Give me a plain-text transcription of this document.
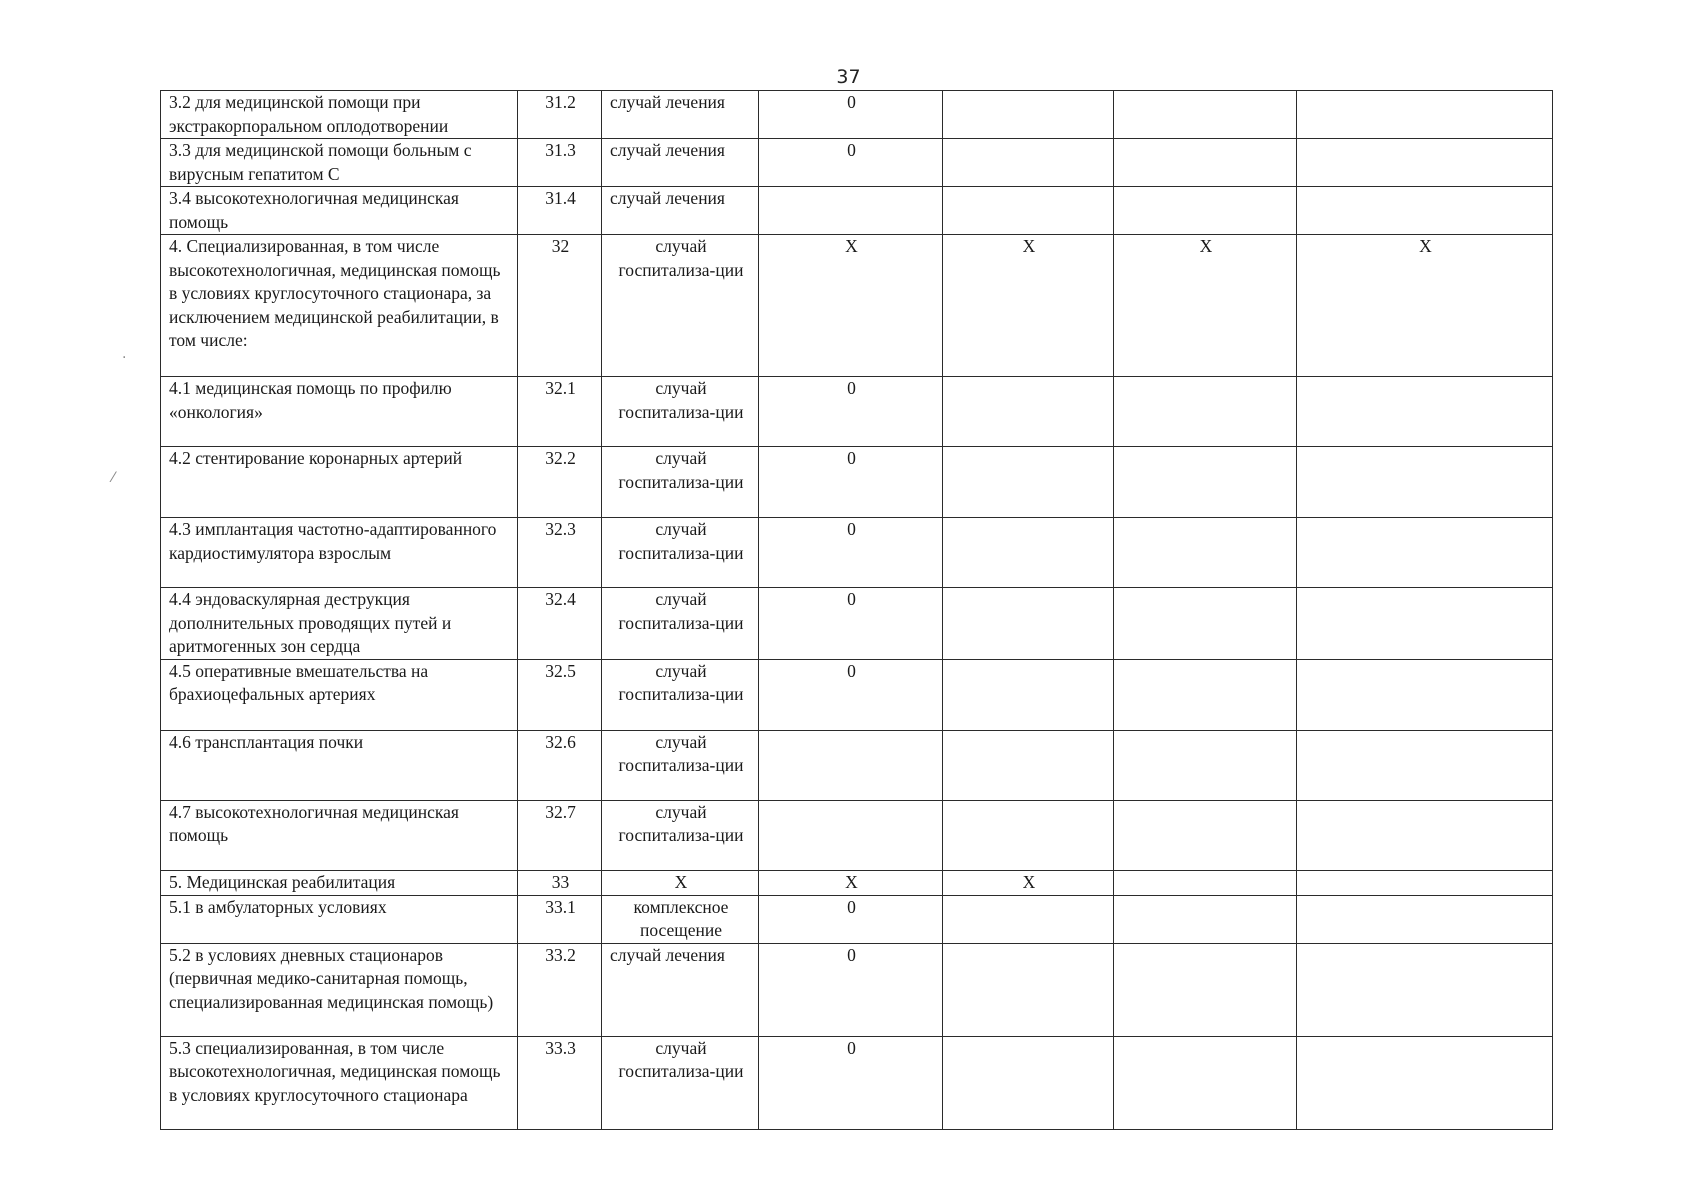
37
3.2 для медицинской помощи при экстракорпоральном оплодотворении	31.2	случай лечения	0			
3.3 для медицинской помощи больным с вирусным гепатитом С	31.3	случай лечения	0			
3.4 высокотехнологичная медицинская помощь	31.4	случай лечения				
4. Специализированная, в том числе высокотехнологичная, медицинская помощь в условиях круглосуточного стационара, за исключением медицинской реабилитации, в том числе:	32	случай госпитализа-ции	Х	Х	Х	Х
4.1 медицинская помощь по профилю «онкология»	32.1	случай госпитализа-ции	0			
4.2 стентирование коронарных артерий	32.2	случай госпитализа-ции	0			
4.3 имплантация частотно-адаптированного кардиостимулятора взрослым	32.3	случай госпитализа-ции	0			
4.4 эндоваскулярная деструкция дополнительных проводящих путей и аритмогенных зон сердца	32.4	случай госпитализа-ции	0			
4.5 оперативные вмешательства на брахиоцефальных артериях	32.5	случай госпитализа-ции	0			
4.6 трансплантация почки	32.6	случай госпитализа-ции				
4.7 высокотехнологичная медицинская помощь	32.7	случай госпитализа-ции				
5. Медицинская реабилитация	33	Х	Х	Х		
5.1 в амбулаторных условиях	33.1	комплексное посещение	0			
5.2 в условиях дневных стационаров (первичная медико-санитарная помощь, специализированная медицинская помощь)	33.2	случай лечения	0			
5.3 специализированная, в том числе высокотехнологичная, медицинская помощь в условиях круглосуточного стационара	33.3	случай госпитализа-ции	0			
·
⁄
